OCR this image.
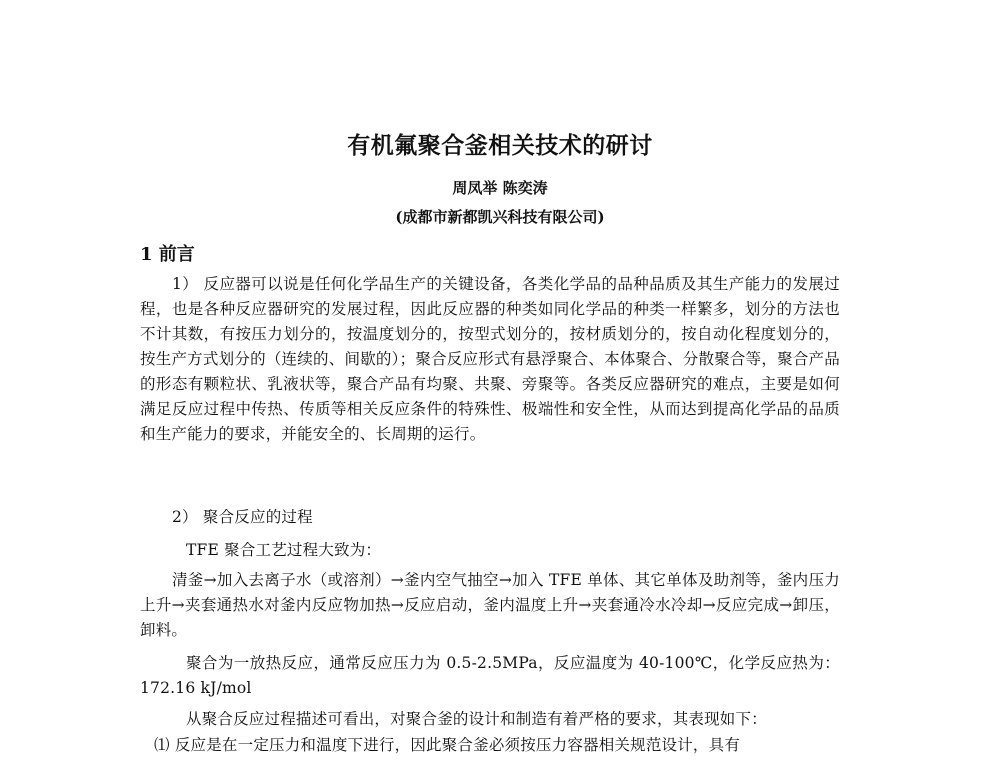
有机氟聚合釜相关技术的研讨
周凤举 陈奕涛
(成都市新都凯兴科技有限公司)
1 前言
1） 反应器可以说是任何化学品生产的关键设备，各类化学品的品种品质及其生产能力的发展过程，也是各种反应器研究的发展过程，因此反应器的种类如同化学品的种类一样繁多，划分的方法也不计其数，有按压力划分的，按温度划分的，按型式划分的，按材质划分的，按自动化程度划分的，按生产方式划分的（连续的、间歇的）；聚合反应形式有悬浮聚合、本体聚合、分散聚合等，聚合产品的形态有颗粒状、乳液状等，聚合产品有均聚、共聚、旁聚等。各类反应器研究的难点，主要是如何满足反应过程中传热、传质等相关反应条件的特殊性、极端性和安全性，从而达到提高化学品的品质和生产能力的要求，并能安全的、长周期的运行。
2） 聚合反应的过程
TFE 聚合工艺过程大致为：
清釜→加入去离子水（或溶剂）→釜内空气抽空→加入 TFE 单体、其它单体及助剂等，釜内压力上升→夹套通热水对釜内反应物加热→反应启动，釜内温度上升→夹套通冷水冷却→反应完成→卸压，卸料。
聚合为一放热反应，通常反应压力为 0.5-2.5MPa，反应温度为 40-100℃，化学反应热为：172.16 kJ/mol
从聚合反应过程描述可看出，对聚合釜的设计和制造有着严格的要求，其表现如下：
⑴ 反应是在一定压力和温度下进行，因此聚合釜必须按压力容器相关规范设计，具有
